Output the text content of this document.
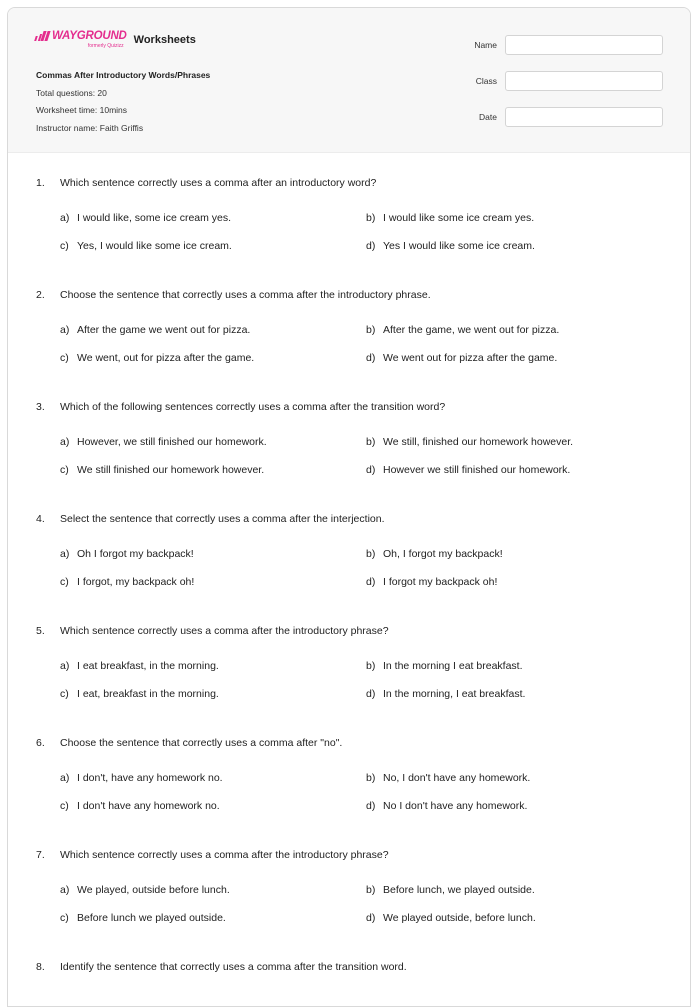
WAYGROUND
formerly Quizizz Worksheets
Commas After Introductory Words/Phrases
Total questions: 20
Worksheet time: 10mins
Instructor name: Faith Griffis
Name
Class
Date
1.	Which sentence correctly uses a comma after an introductory word?
a) I would like, some ice cream yes.	b) I would like some ice cream yes.
c) Yes, I would like some ice cream.	d) Yes I would like some ice cream.
2.	Choose the sentence that correctly uses a comma after the introductory phrase.
a) After the game we went out for pizza.	b) After the game, we went out for pizza.
c) We went, out for pizza after the game.	d) We went out for pizza after the game.
3.	Which of the following sentences correctly uses a comma after the transition word?
a) However, we still finished our homework.	b) We still, finished our homework however.
c) We still finished our homework however.	d) However we still finished our homework.
4.	Select the sentence that correctly uses a comma after the interjection.
a) Oh I forgot my backpack!	b) Oh, I forgot my backpack!
c) I forgot, my backpack oh!	d) I forgot my backpack oh!
5.	Which sentence correctly uses a comma after the introductory phrase?
a) I eat breakfast, in the morning.	b) In the morning I eat breakfast.
c) I eat, breakfast in the morning.	d) In the morning, I eat breakfast.
6.	Choose the sentence that correctly uses a comma after "no".
a) I don't, have any homework no.	b) No, I don't have any homework.
c) I don't have any homework no.	d) No I don't have any homework.
7.	Which sentence correctly uses a comma after the introductory phrase?
a) We played, outside before lunch.	b) Before lunch, we played outside.
c) Before lunch we played outside.	d) We played outside, before lunch.
8.	Identify the sentence that correctly uses a comma after the transition word.
